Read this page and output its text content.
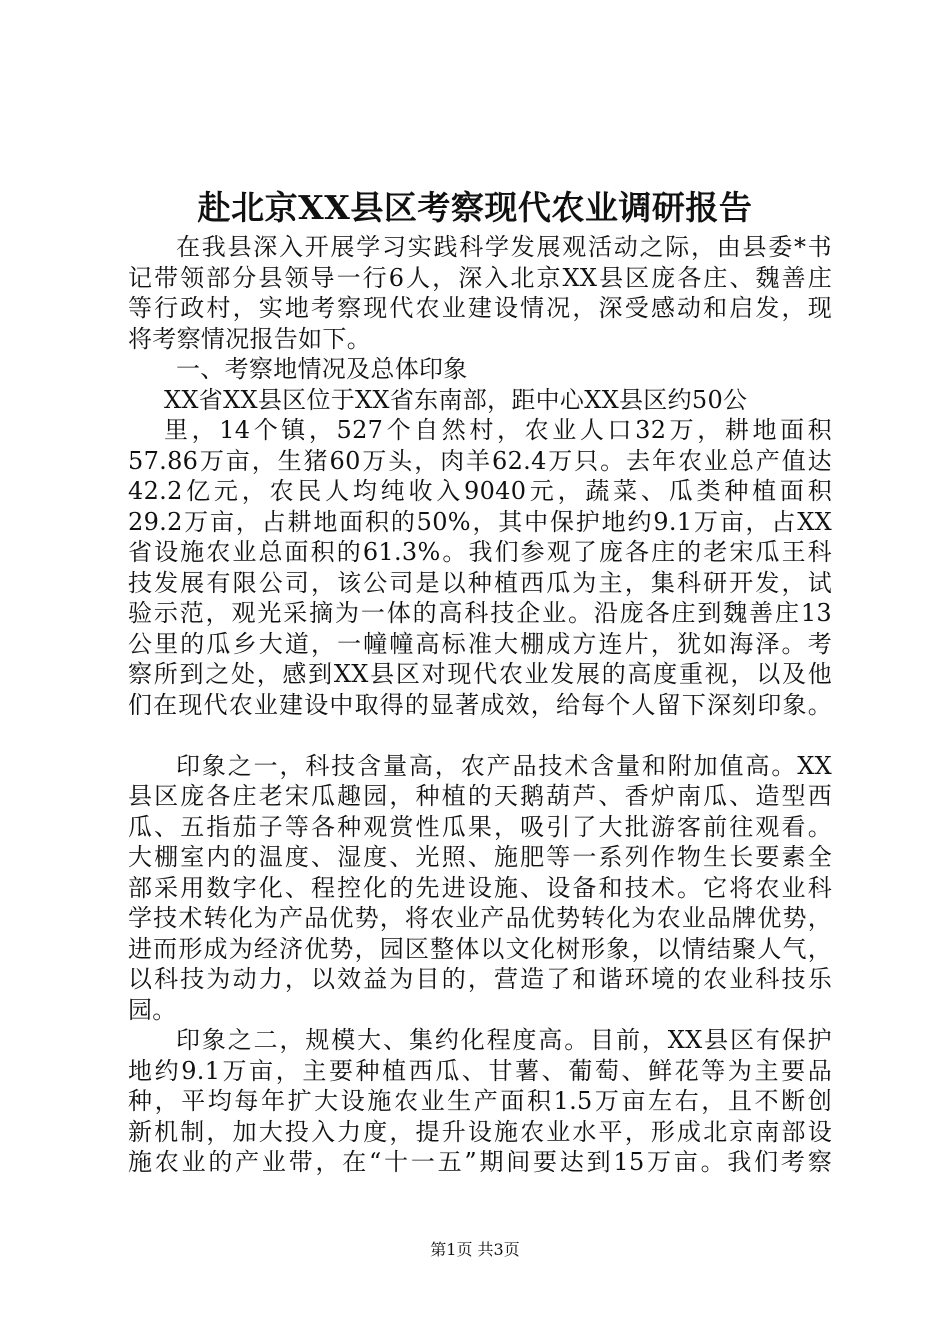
赴北京XX县区考察现代农业调研报告
在我县深入开展学习实践科学发展观活动之际，由县委*书
记带领部分县领导一行6人，深入北京XX县区庞各庄、魏善庄
等行政村，实地考察现代农业建设情况，深受感动和启发，现
将考察情况报告如下。
一、考察地情况及总体印象
XX省XX县区位于XX省东南部，距中心XX县区约50公
里，14个镇，527个自然村，农业人口32万，耕地面积
57.86万亩，生猪60万头，肉羊62.4万只。去年农业总产值达
42.2亿元，农民人均纯收入9040元，蔬菜、瓜类种植面积
29.2万亩，占耕地面积的50%，其中保护地约9.1万亩，占XX
省设施农业总面积的61.3%。我们参观了庞各庄的老宋瓜王科
技发展有限公司，该公司是以种植西瓜为主，集科研开发，试
验示范，观光采摘为一体的高科技企业。沿庞各庄到魏善庄13
公里的瓜乡大道，一幢幢高标准大棚成方连片，犹如海泽。考
察所到之处，感到XX县区对现代农业发展的高度重视，以及他
们在现代农业建设中取得的显著成效，给每个人留下深刻印象。
印象之一，科技含量高，农产品技术含量和附加值高。XX
县区庞各庄老宋瓜趣园，种植的天鹅葫芦、香炉南瓜、造型西
瓜、五指茄子等各种观赏性瓜果，吸引了大批游客前往观看。
大棚室内的温度、湿度、光照、施肥等一系列作物生长要素全
部采用数字化、程控化的先进设施、设备和技术。它将农业科
学技术转化为产品优势，将农业产品优势转化为农业品牌优势，
进而形成为经济优势，园区整体以文化树形象，以情结聚人气，
以科技为动力，以效益为目的，营造了和谐环境的农业科技乐
园。
印象之二，规模大、集约化程度高。目前，XX县区有保护
地约9.1万亩，主要种植西瓜、甘薯、葡萄、鲜花等为主要品
种，平均每年扩大设施农业生产面积1.5万亩左右，且不断创
新机制，加大投入力度，提升设施农业水平，形成北京南部设
施农业的产业带，在“十一五”期间要达到15万亩。我们考察
第1页 共3页
